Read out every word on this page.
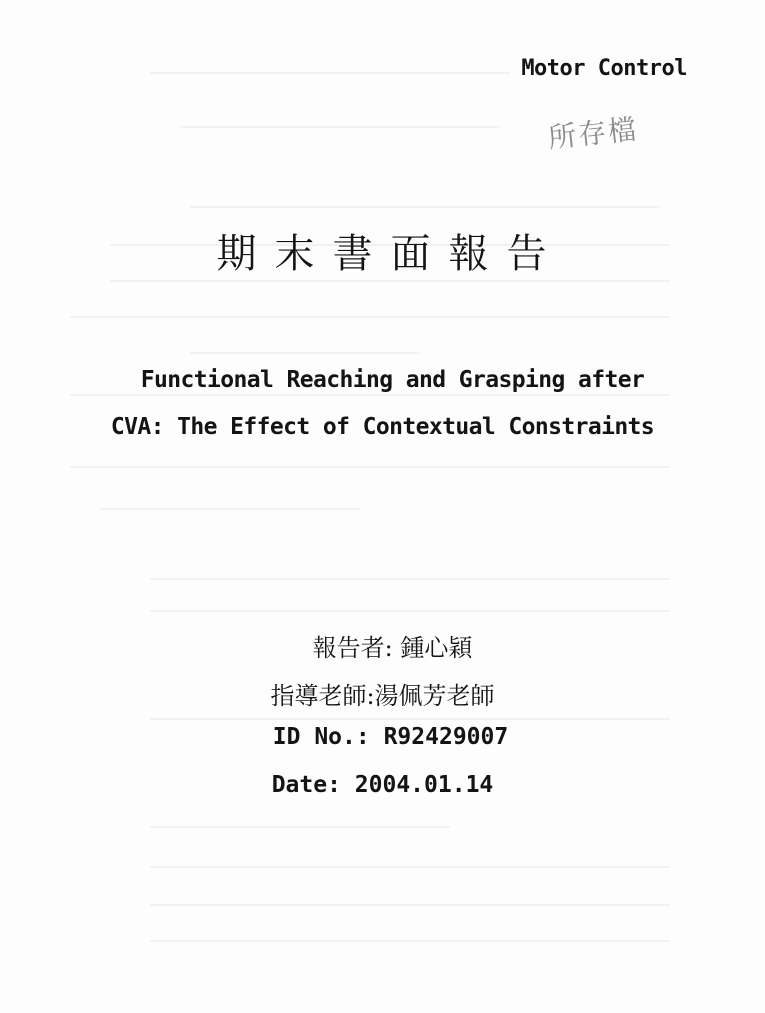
Motor Control
所存檔
期末書面報告
Functional Reaching and Grasping after
CVA: The Effect of Contextual Constraints
報告者: 鍾心穎
指導老師:湯佩芳老師
ID No.: R92429007
Date: 2004.01.14
